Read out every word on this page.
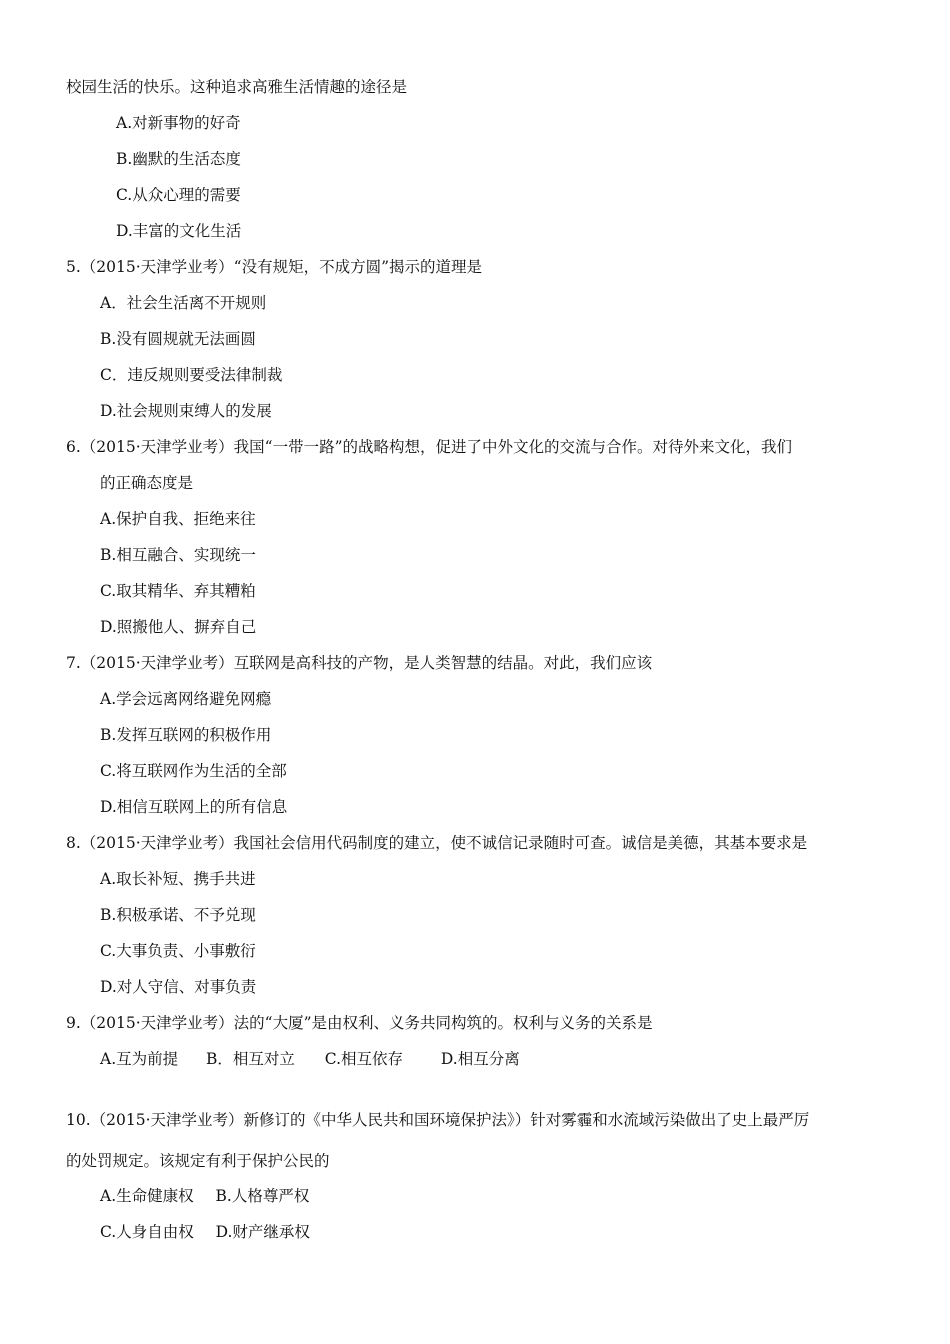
校园生活的快乐。这种追求高雅生活情趣的途径是
A.对新事物的好奇
B.幽默的生活态度
C.从众心理的需要
D.丰富的文化生活
5.（2015·天津学业考）“没有规矩，不成方圆”揭示的道理是
A．社会生活离不开规则
B.没有圆规就无法画圆
C．违反规则要受法律制裁
D.社会规则束缚人的发展
6.（2015·天津学业考）我国“一带一路”的战略构想，促进了中外文化的交流与合作。对待外来文化，我们
的正确态度是
A.保护自我、拒绝来往
B.相互融合、实现统一
C.取其精华、弃其糟粕
D.照搬他人、摒弃自己
7.（2015·天津学业考）互联网是高科技的产物，是人类智慧的结晶。对此，我们应该
A.学会远离网络避免网瘾
B.发挥互联网的积极作用
C.将互联网作为生活的全部
D.相信互联网上的所有信息
8.（2015·天津学业考）我国社会信用代码制度的建立，使不诚信记录随时可查。诚信是美德，其基本要求是
A.取长补短、携手共进
B.积极承诺、不予兑现
C.大事负责、小事敷衍
D.对人守信、对事负责
9.（2015·天津学业考）法的“大厦”是由权利、义务共同构筑的。权利与义务的关系是
A.互为前提 B．相互对立 C.相互依存 D.相互分离
10.（2015·天津学业考）新修订的《中华人民共和国环境保护法》）针对雾霾和水流域污染做出了史上最严厉
的处罚规定。该规定有利于保护公民的
A.生命健康权 B.人格尊严权
C.人身自由权 D.财产继承权
